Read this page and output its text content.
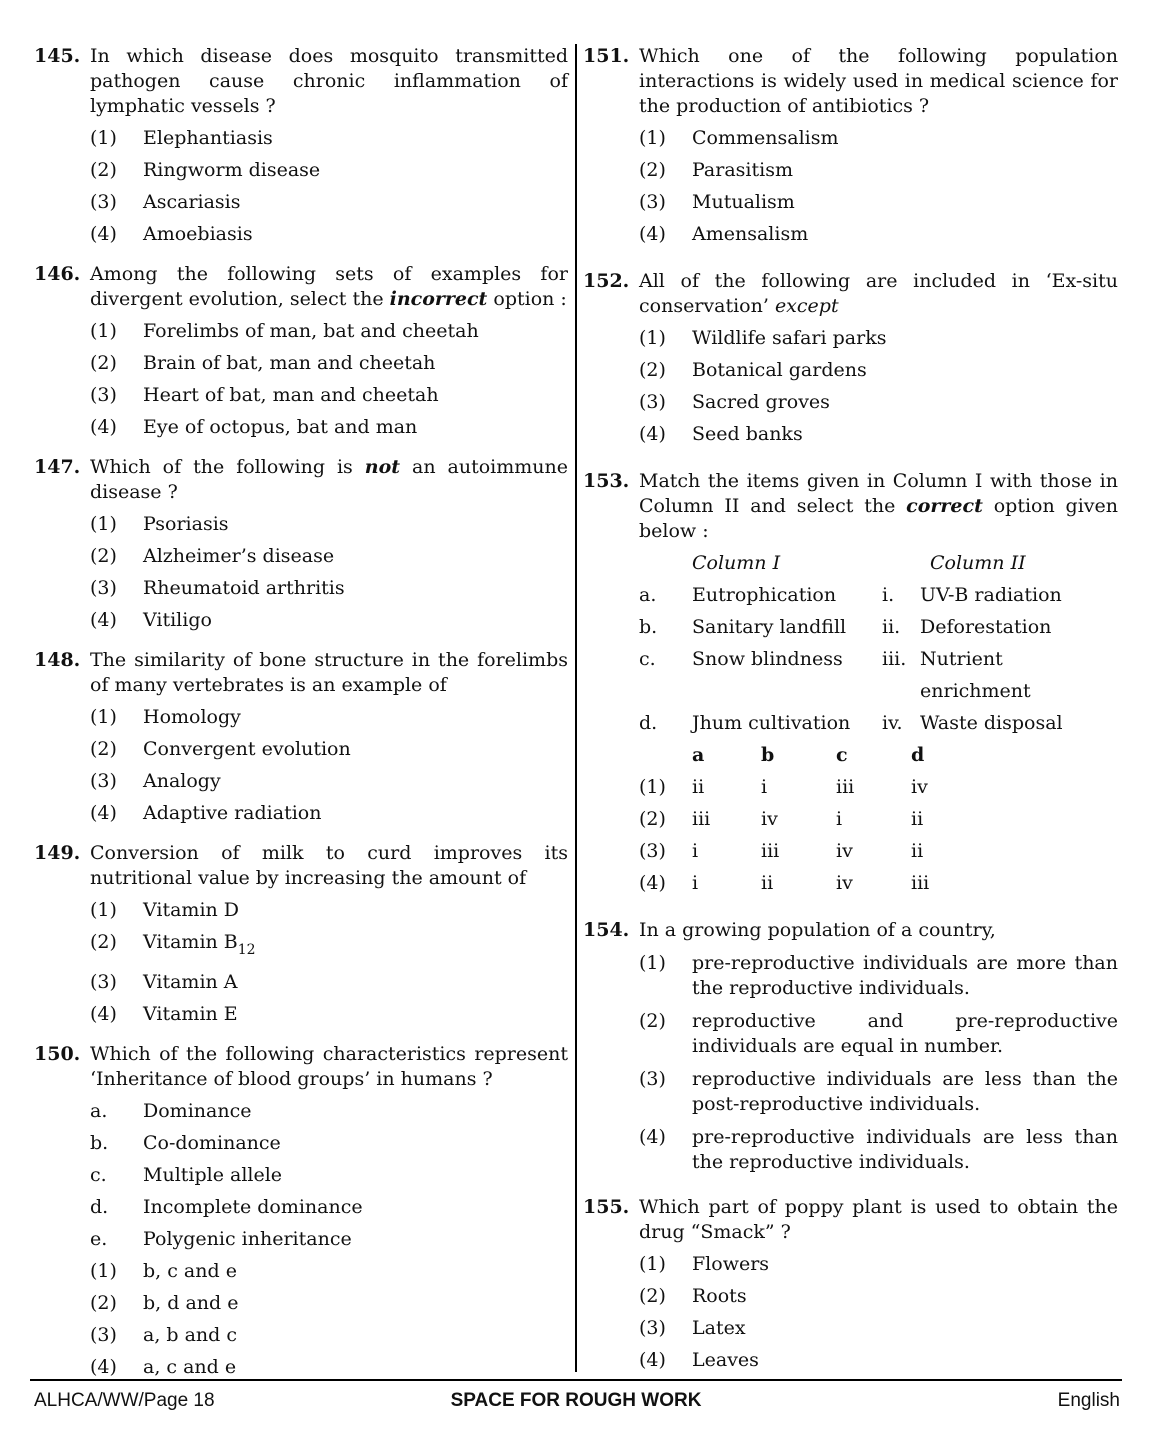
145. In which disease does mosquito transmitted pathogen cause chronic inflammation of lymphatic vessels ?
(1) Elephantiasis
(2) Ringworm disease
(3) Ascariasis
(4) Amoebiasis
146. Among the following sets of examples for divergent evolution, select the incorrect option :
(1) Forelimbs of man, bat and cheetah
(2) Brain of bat, man and cheetah
(3) Heart of bat, man and cheetah
(4) Eye of octopus, bat and man
147. Which of the following is not an autoimmune disease ?
(1) Psoriasis
(2) Alzheimer’s disease
(3) Rheumatoid arthritis
(4) Vitiligo
148. The similarity of bone structure in the forelimbs of many vertebrates is an example of
(1) Homology
(2) Convergent evolution
(3) Analogy
(4) Adaptive radiation
149. Conversion of milk to curd improves its nutritional value by increasing the amount of
(1) Vitamin D
(2) Vitamin $B_{12}$
(3) Vitamin A
(4) Vitamin E
150. Which of the following characteristics represent ‘Inheritance of blood groups’ in humans ?
a. Dominance
b. Co-dominance
c. Multiple allele
d. Incomplete dominance
e. Polygenic inheritance
(1) b, c and e
(2) b, d and e
(3) a, b and c
(4) a, c and e
151. Which one of the following population interactions is widely used in medical science for the production of antibiotics ?
(1) Commensalism
(2) Parasitism
(3) Mutualism
(4) Amensalism
152. All of the following are included in ‘Ex-situ conservation’ except
(1) Wildlife safari parks
(2) Botanical gardens
(3) Sacred groves
(4) Seed banks
153. Match the items given in Column I with those in Column II and select the correct option given below :
Column I	Column II
a. Eutrophication i. UV-B radiation
b. Sanitary landfill ii. Deforestation
c. Snow blindness iii. Nutrient enrichment
d. Jhum cultivation iv. Waste disposal
a	b	c	d
(1) ii	i	iii	iv
(2) iii	iv	i	ii
(3) i	iii	iv	ii
(4) i	ii	iv	iii
154. In a growing population of a country,
(1) pre-reproductive individuals are more than the reproductive individuals.
(2) reproductive and pre-reproductive individuals are equal in number.
(3) reproductive individuals are less than the post-reproductive individuals.
(4) pre-reproductive individuals are less than the reproductive individuals.
155. Which part of poppy plant is used to obtain the drug “Smack” ?
(1) Flowers
(2) Roots
(3) Latex
(4) Leaves
ALHCA/WW/Page 18	SPACE FOR ROUGH WORK	English
